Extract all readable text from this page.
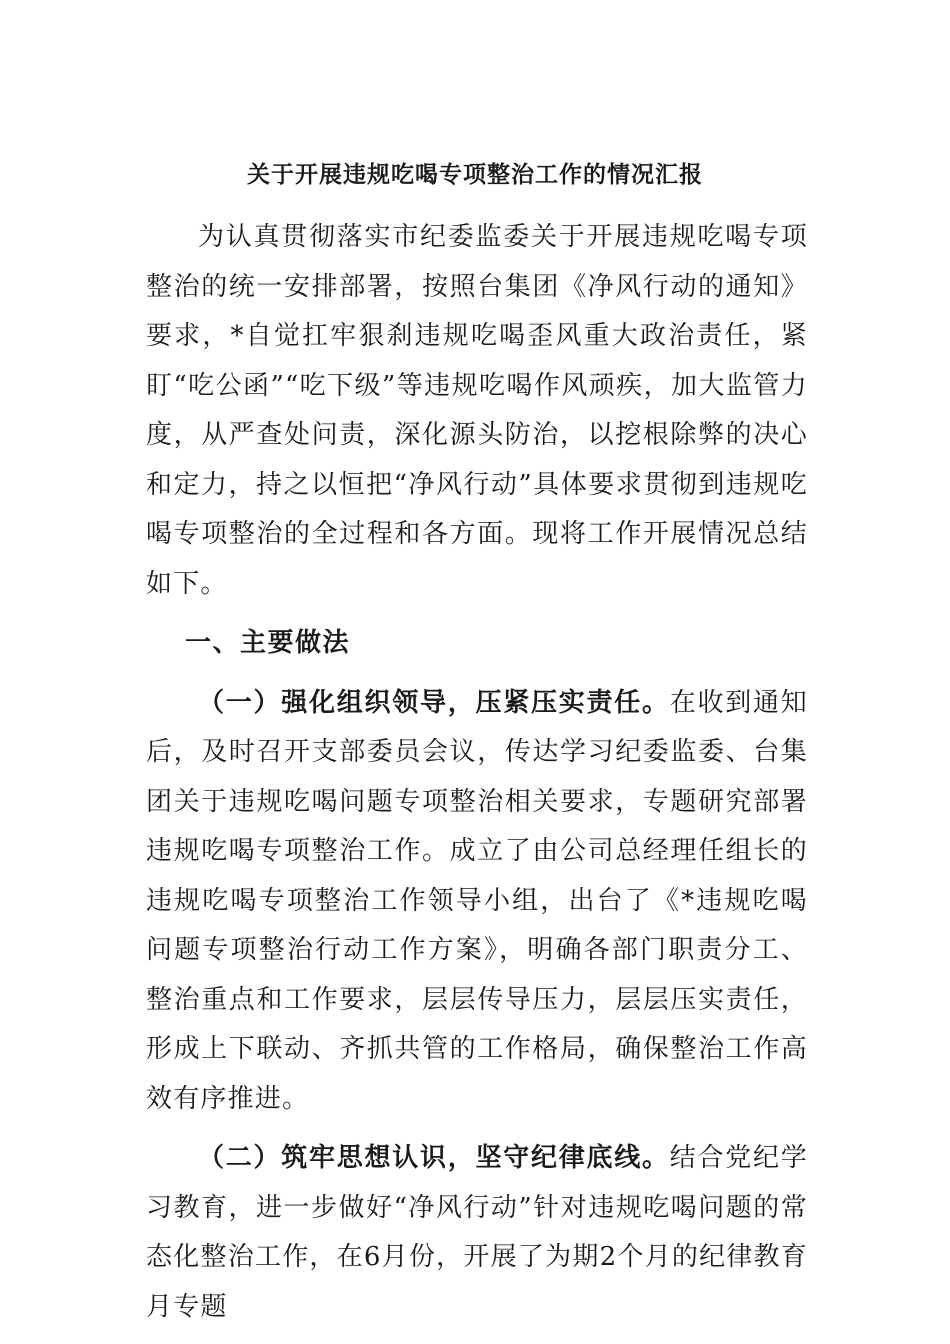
关于开展违规吃喝专项整治工作的情况汇报

为认真贯彻落实市纪委监委关于开展违规吃喝专项整治的统一安排部署，按照台集团《净风行动的通知》要求，*自觉扛牢狠刹违规吃喝歪风重大政治责任，紧盯“吃公函”“吃下级”等违规吃喝作风顽疾，加大监管力度，从严查处问责，深化源头防治，以挖根除弊的决心和定力，持之以恒把“净风行动”具体要求贯彻到违规吃喝专项整治的全过程和各方面。现将工作开展情况总结如下。

一、主要做法

（一）强化组织领导，压紧压实责任。在收到通知后，及时召开支部委员会议，传达学习纪委监委、台集团关于违规吃喝问题专项整治相关要求，专题研究部署违规吃喝专项整治工作。成立了由公司总经理任组长的违规吃喝专项整治工作领导小组，出台了《*违规吃喝问题专项整治行动工作方案》，明确各部门职责分工、整治重点和工作要求，层层传导压力，层层压实责任，形成上下联动、齐抓共管的工作格局，确保整治工作高效有序推进。

（二）筑牢思想认识，坚守纪律底线。结合党纪学习教育，进一步做好“净风行动”针对违规吃喝问题的常态化整治工作，在6月份，开展了为期2个月的纪律教育月专题
